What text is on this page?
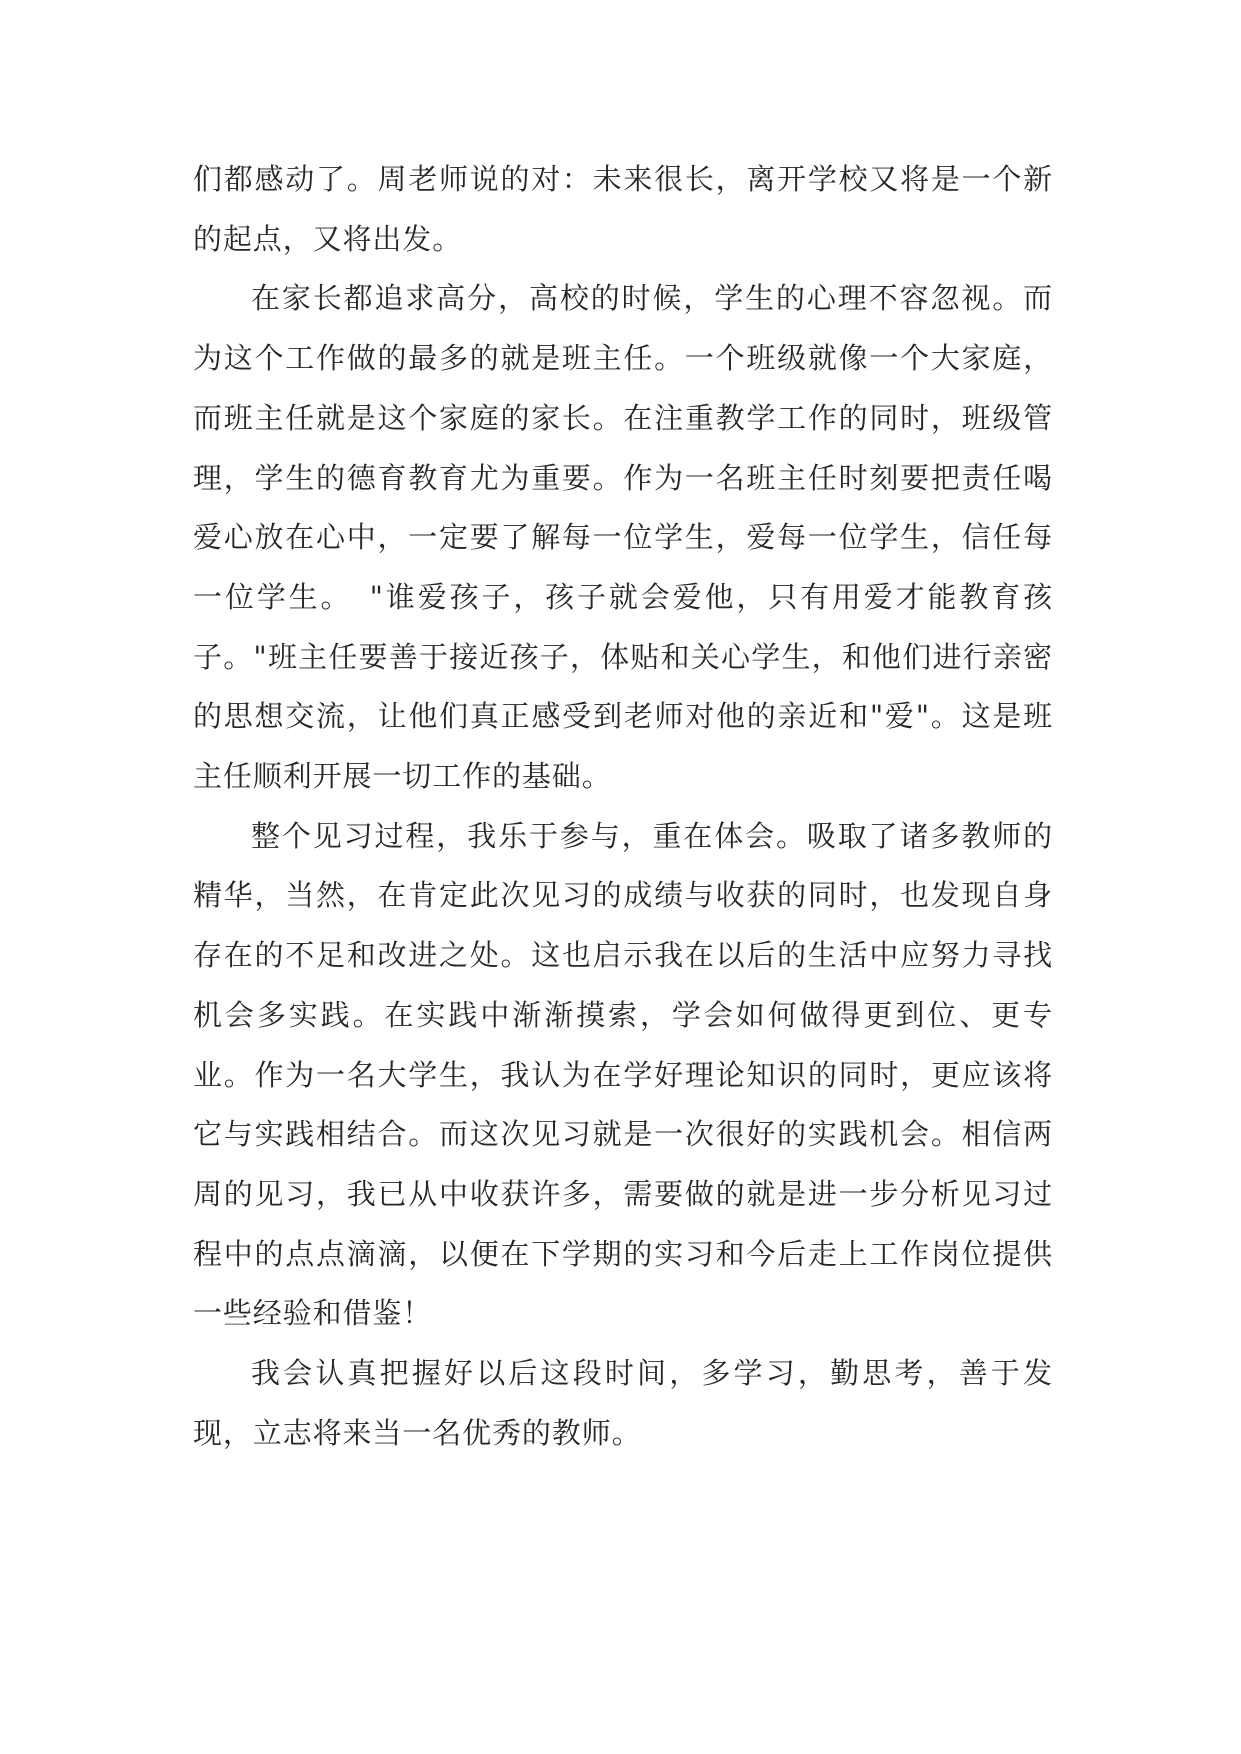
们都感动了。周老师说的对：未来很长，离开学校又将是一个新的起点，又将出发。

在家长都追求高分，高校的时候，学生的心理不容忽视。而为这个工作做的最多的就是班主任。一个班级就像一个大家庭，而班主任就是这个家庭的家长。在注重教学工作的同时，班级管理，学生的德育教育尤为重要。作为一名班主任时刻要把责任喝爱心放在心中，一定要了解每一位学生，爱每一位学生，信任每一位学生。　"谁爱孩子，孩子就会爱他，只有用爱才能教育孩子。"班主任要善于接近孩子，体贴和关心学生，和他们进行亲密的思想交流，让他们真正感受到老师对他的亲近和"爱"。这是班主任顺利开展一切工作的基础。

整个见习过程，我乐于参与，重在体会。吸取了诸多教师的精华，当然，在肯定此次见习的成绩与收获的同时，也发现自身存在的不足和改进之处。这也启示我在以后的生活中应努力寻找机会多实践。在实践中渐渐摸索，学会如何做得更到位、更专业。作为一名大学生，我认为在学好理论知识的同时，更应该将它与实践相结合。而这次见习就是一次很好的实践机会。相信两周的见习，我已从中收获许多，需要做的就是进一步分析见习过程中的点点滴滴，以便在下学期的实习和今后走上工作岗位提供一些经验和借鉴！

我会认真把握好以后这段时间，多学习，勤思考，善于发现，立志将来当一名优秀的教师。
